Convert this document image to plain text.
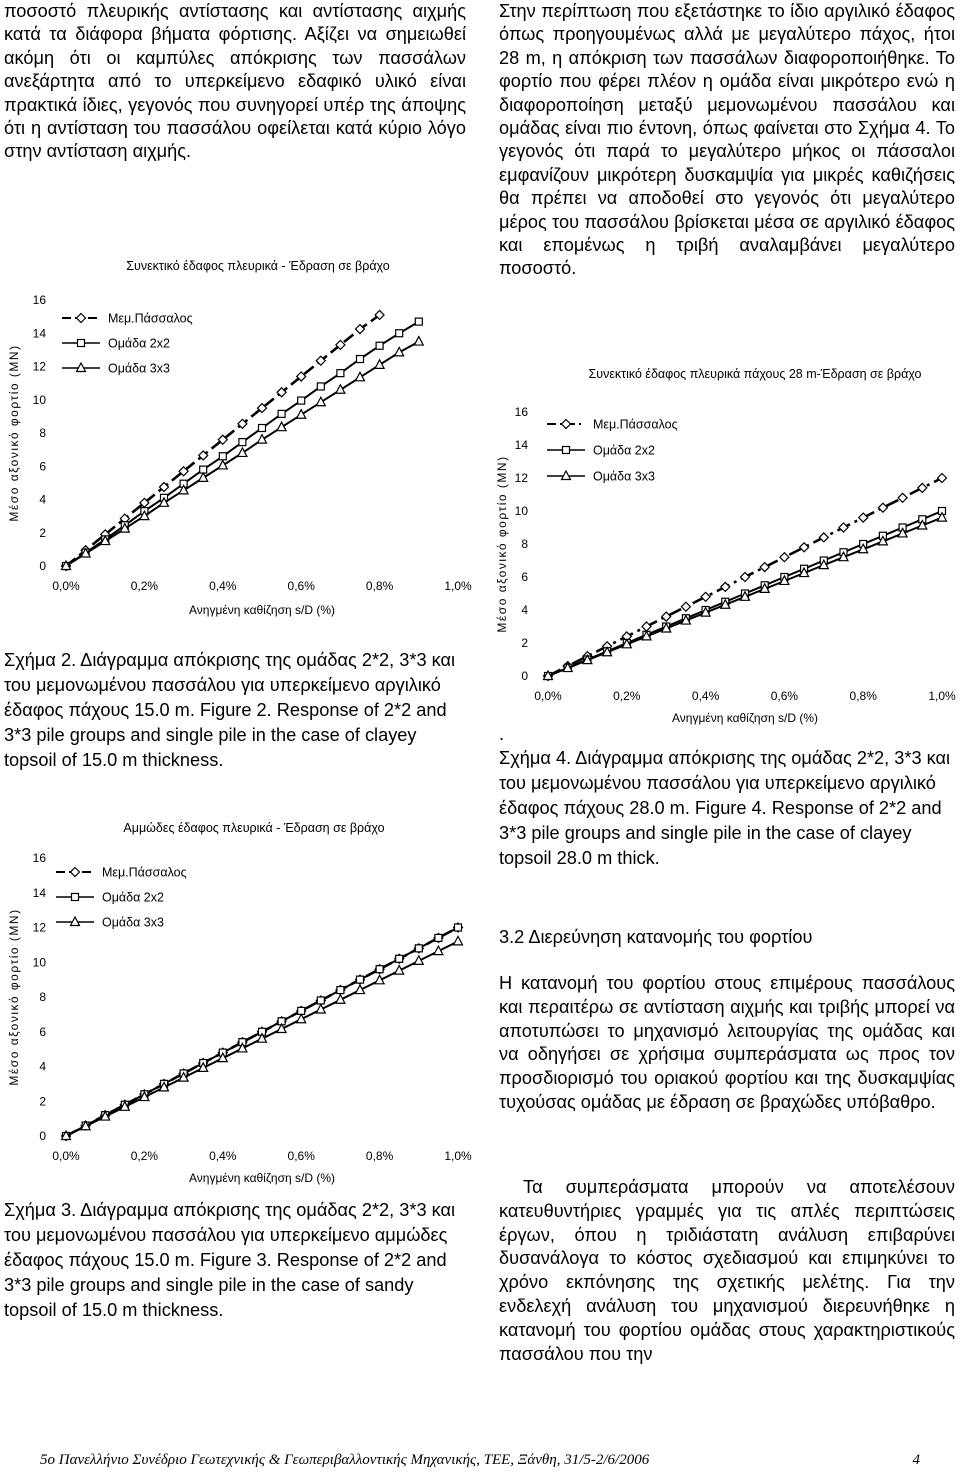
ποσοστό πλευρικής αντίστασης και αντίστασης αιχμής κατά τα διάφορα βήματα φόρτισης. Αξίζει να σημειωθεί ακόμη ότι οι καμπύλες απόκρισης των πασσάλων ανεξάρτητα από το υπερκείμενο εδαφικό υλικό είναι πρακτικά ίδιες, γεγονός που συνηγορεί υπέρ της άποψης ότι η αντίσταση του πασσάλου οφείλεται κατά κύριο λόγο στην αντίσταση αιχμής.

Συνεκτικό έδαφος πλευρικά - Έδραση σε βράχο
0
2
4
6
8
10
12
14
16
0,0%	0,2%	0,4%	0,6%	0,8%	1,0%
Ανηγμένη καθίζηση s/D (%)
Μέσο αξονικό φορτίο (ΜΝ)
Μεμ.Πάσσαλος
Ομάδα 2x2
Ομάδα 3x3

Σχήμα 2. Διάγραμμα απόκρισης της ομάδας 2*2, 3*3 και του μεμονωμένου πασσάλου για υπερκείμενο αργιλικό έδαφος πάχους 15.0 m. Figure 2. Response of 2*2 and 3*3 pile groups and single pile in the case of clayey topsoil of 15.0 m thickness.

Αμμώδες έδαφος πλευρικά - Έδραση σε βράχο
0
2
4
6
8
10
12
14
16
0,0%	0,2%	0,4%	0,6%	0,8%	1,0%
Ανηγμένη καθίζηση s/D (%)
Μέσο αξονικό φορτίο (ΜΝ)
Μεμ.Πάσσαλος
Ομάδα 2x2
Ομάδα 3x3

Σχήμα 3. Διάγραμμα απόκρισης της ομάδας 2*2, 3*3 και του μεμονωμένου πασσάλου για υπερκείμενο αμμώδες έδαφος πάχους 15.0 m. Figure 3. Response of 2*2 and 3*3 pile groups and single pile in the case of sandy topsoil of 15.0 m thickness.

Στην περίπτωση που εξετάστηκε το ίδιο αργιλικό έδαφος όπως προηγουμένως αλλά με μεγαλύτερο πάχος, ήτοι 28 m, η απόκριση των πασσάλων διαφοροποιήθηκε. Το φορτίο που φέρει πλέον η ομάδα είναι μικρότερο ενώ η διαφοροποίηση μεταξύ μεμονωμένου πασσάλου και ομάδας είναι πιο έντονη, όπως φαίνεται στο Σχήμα 4. Το γεγονός ότι παρά το μεγαλύτερο μήκος οι πάσσαλοι εμφανίζουν μικρότερη δυσκαμψία για μικρές καθιζήσεις θα πρέπει να αποδοθεί στο γεγονός ότι μεγαλύτερο μέρος του πασσάλου βρίσκεται μέσα σε αργιλικό έδαφος και επομένως η τριβή αναλαμβάνει μεγαλύτερο ποσοστό.

Συνεκτικό έδαφος πλευρικά πάχους 28 m-Έδραση σε βράχο
0
2
4
6
8
10
12
14
16
0,0%	0,2%	0,4%	0,6%	0,8%	1,0%
Ανηγμένη καθίζηση s/D (%)
Μέσο αξονικό φορτίο (ΜΝ)
Μεμ.Πάσσαλος
Ομάδα 2x2
Ομάδα 3x3

.

Σχήμα 4. Διάγραμμα απόκρισης της ομάδας 2*2, 3*3 και του μεμονωμένου πασσάλου για υπερκείμενο αργιλικό έδαφος πάχους 28.0 m. Figure 4. Response of 2*2 and 3*3 pile groups and single pile in the case of clayey topsoil 28.0 m thick.

3.2 Διερεύνηση κατανομής του φορτίου

Η κατανομή του φορτίου στους επιμέρους πασσάλους και περαιτέρω σε αντίσταση αιχμής και τριβής μπορεί να αποτυπώσει το μηχανισμό λειτουργίας της ομάδας και να οδηγήσει σε χρήσιμα συμπεράσματα ως προς τον προσδιορισμό του οριακού φορτίου και της δυσκαμψίας τυχούσας ομάδας με έδραση σε βραχώδες υπόβαθρο.

Τα συμπεράσματα μπορούν να αποτελέσουν κατευθυντήριες γραμμές για τις απλές περιπτώσεις έργων, όπου η τριδιάστατη ανάλυση επιβαρύνει δυσανάλογα το κόστος σχεδιασμού και επιμηκύνει το χρόνο εκπόνησης της σχετικής μελέτης. Για την ενδελεχή ανάλυση του μηχανισμού διερευνήθηκε η κατανομή του φορτίου ομάδας στους χαρακτηριστικούς πασσάλου που την

5ο Πανελλήνιο Συνέδριο Γεωτεχνικής & Γεωπεριβαλλοντικής Μηχανικής, ΤΕΕ, Ξάνθη, 31/5-2/6/2006	4
